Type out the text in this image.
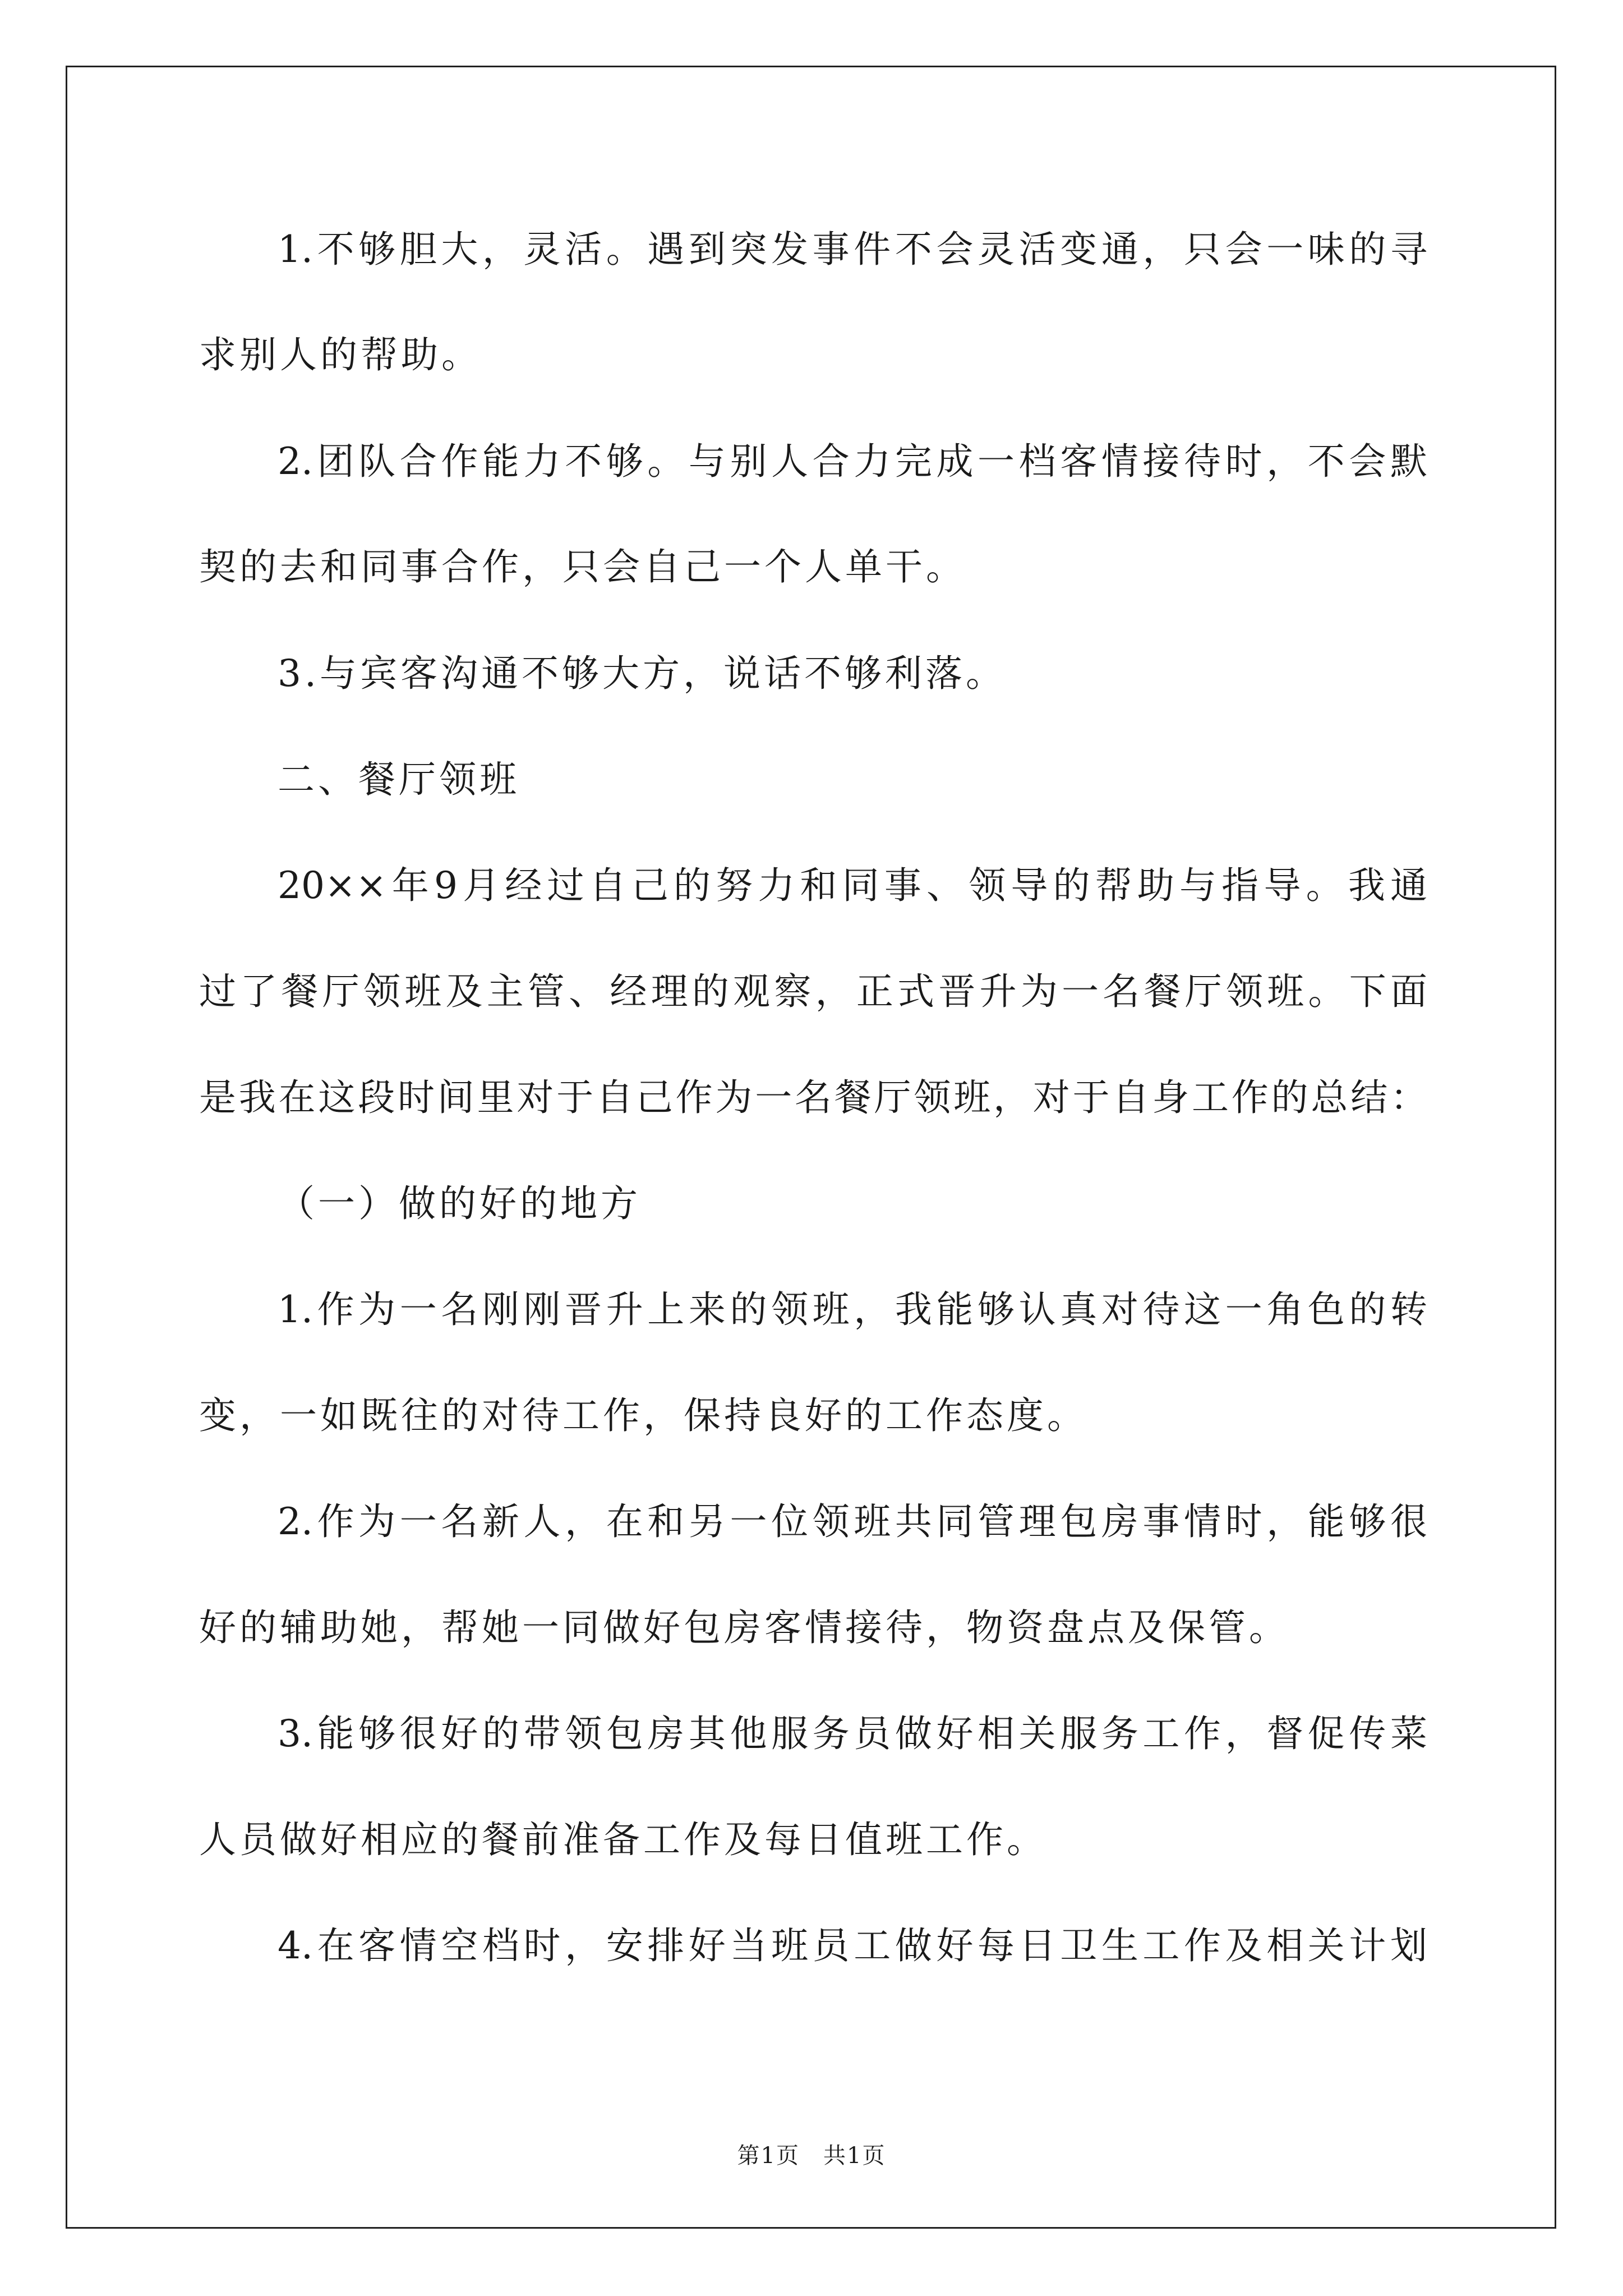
1.不够胆大，灵活。遇到突发事件不会灵活变通，只会一味的寻
求别人的帮助。
2.团队合作能力不够。与别人合力完成一档客情接待时，不会默
契的去和同事合作，只会自己一个人单干。
3.与宾客沟通不够大方，说话不够利落。
二、餐厅领班
20××年9月经过自己的努力和同事、领导的帮助与指导。我通
过了餐厅领班及主管、经理的观察，正式晋升为一名餐厅领班。下面
是我在这段时间里对于自己作为一名餐厅领班，对于自身工作的总结：
（一）做的好的地方
1.作为一名刚刚晋升上来的领班，我能够认真对待这一角色的转
变，一如既往的对待工作，保持良好的工作态度。
2.作为一名新人，在和另一位领班共同管理包房事情时，能够很
好的辅助她，帮她一同做好包房客情接待，物资盘点及保管。
3.能够很好的带领包房其他服务员做好相关服务工作，督促传菜
人员做好相应的餐前准备工作及每日值班工作。
4.在客情空档时，安排好当班员工做好每日卫生工作及相关计划
第1页　共1页
